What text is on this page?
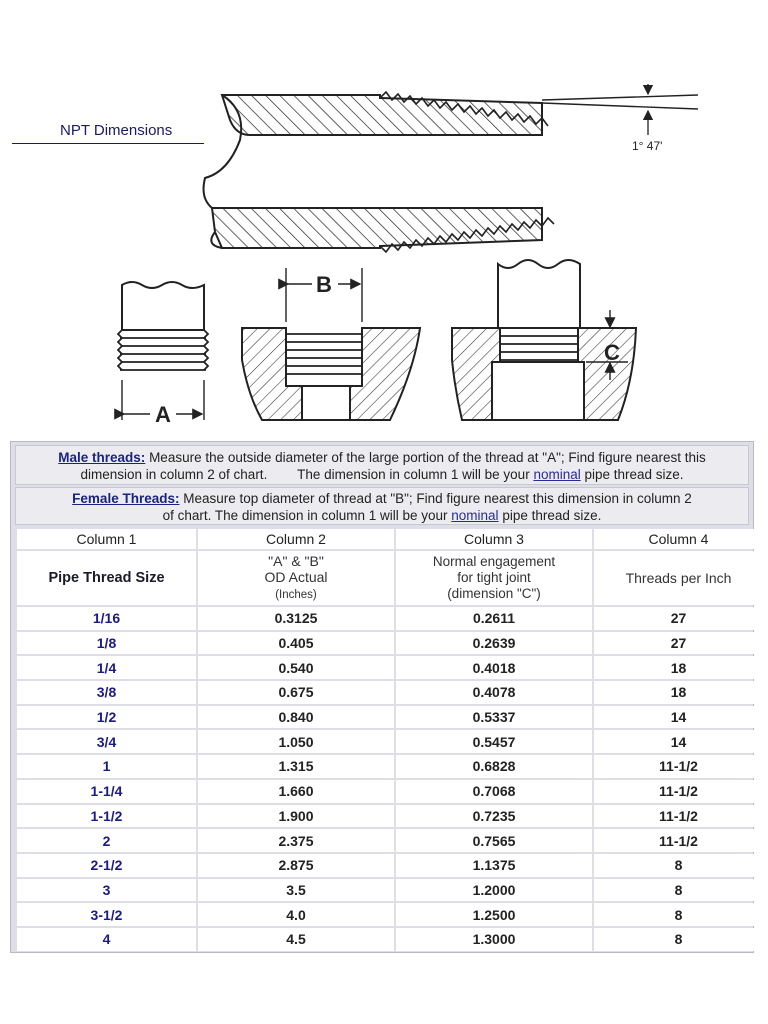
NPT Dimensions
1° 47'
A
B
C
Male threads: Measure the outside diameter of the large portion of the thread at "A"; Find figure nearest this
dimension in column 2 of chart.        The dimension in column 1 will be your nominal pipe thread size.
Female Threads: Measure top diameter of thread at "B"; Find figure nearest this dimension in column 2
of chart. The dimension in column 1 will be your nominal pipe thread size.
Column 1	Column 2	Column 3	Column 4
Pipe Thread Size	"A" & "B"
OD Actual
(Inches)	Normal engagement
for tight joint
(dimension "C")	Threads per Inch
1/16	0.3125	0.2611	27
1/8	0.405	0.2639	27
1/4	0.540	0.4018	18
3/8	0.675	0.4078	18
1/2	0.840	0.5337	14
3/4	1.050	0.5457	14
1	1.315	0.6828	11-1/2
1-1/4	1.660	0.7068	11-1/2
1-1/2	1.900	0.7235	11-1/2
2	2.375	0.7565	11-1/2
2-1/2	2.875	1.1375	8
3	3.5	1.2000	8
3-1/2	4.0	1.2500	8
4	4.5	1.3000	8
